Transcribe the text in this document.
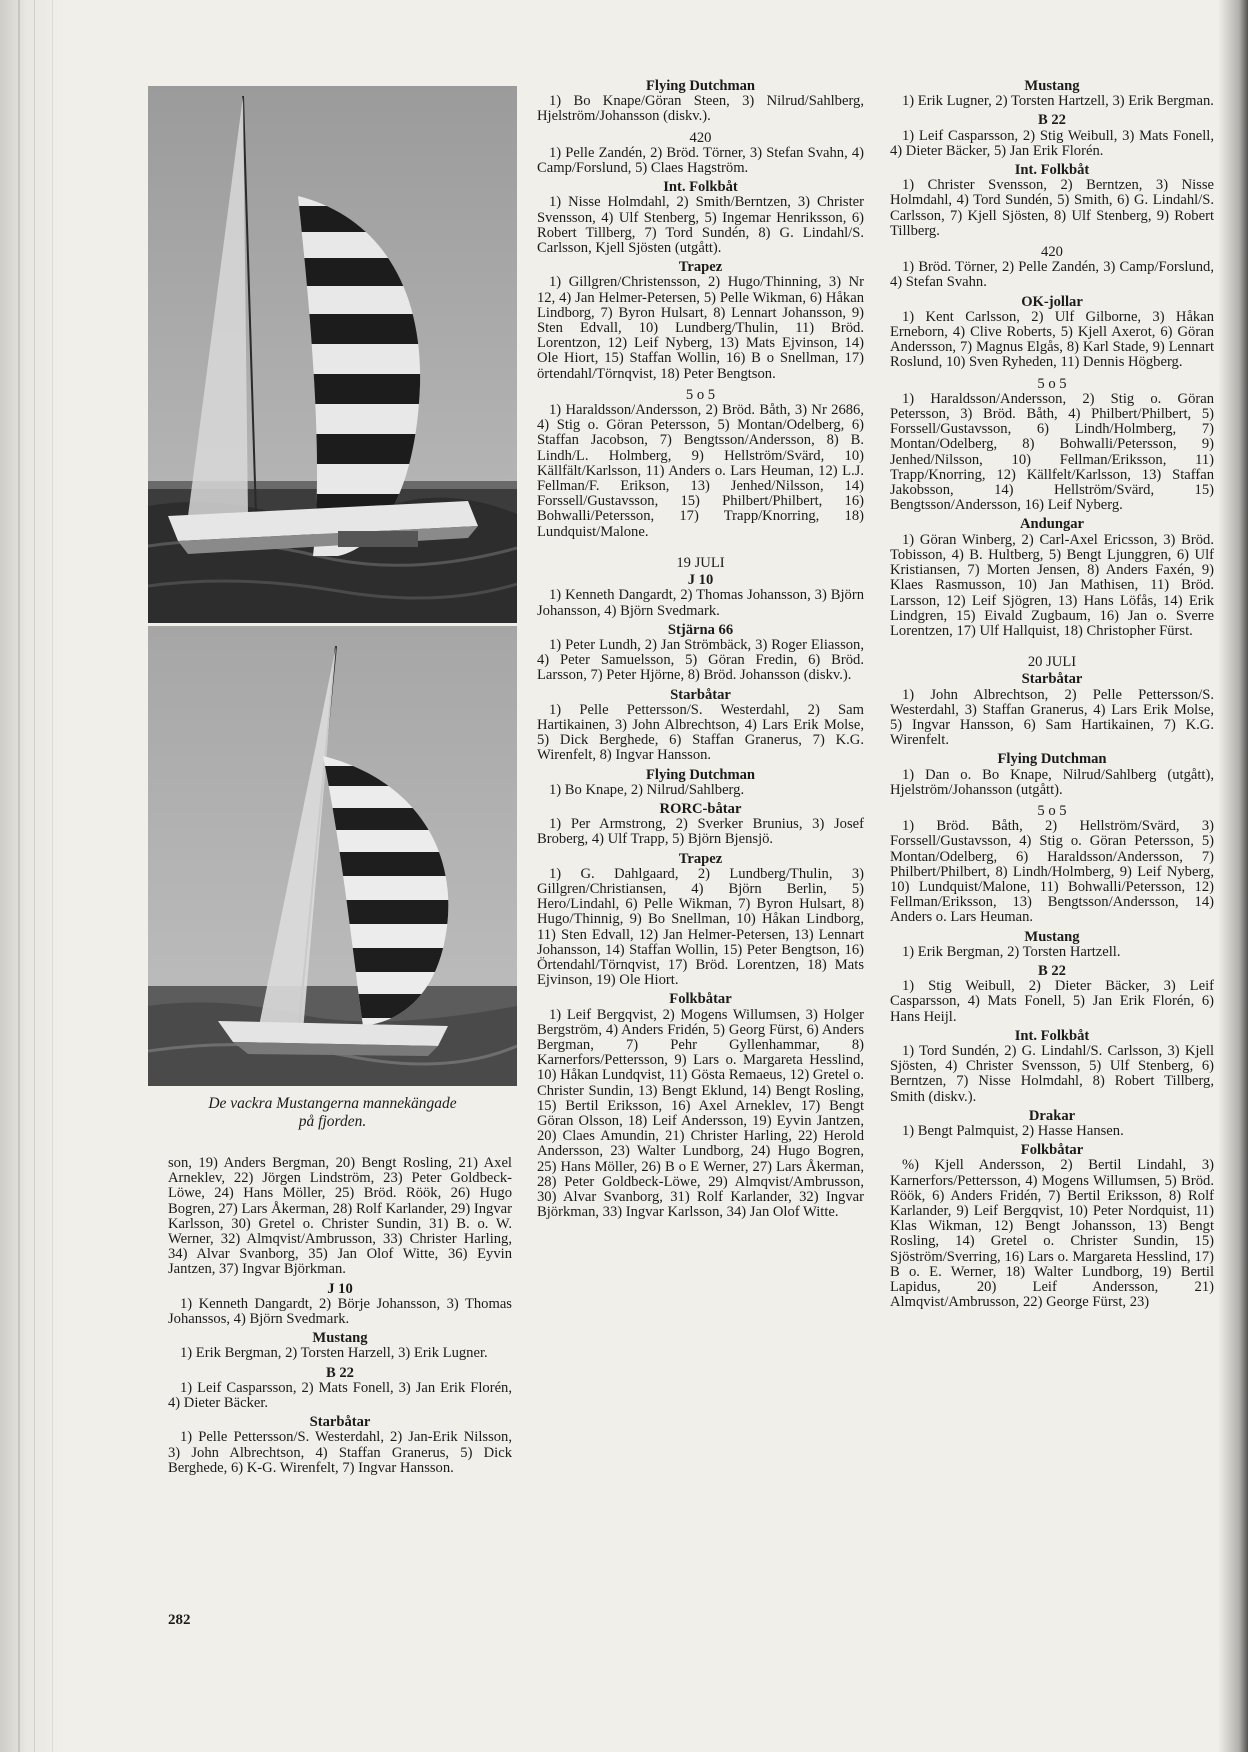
De vackra Mustangerna mannekängade
på fjorden.

son, 19) Anders Bergman, 20) Bengt Rosling, 21) Axel Arneklev, 22) Jörgen Lindström, 23) Peter Goldbeck-Löwe, 24) Hans Möller, 25) Bröd. Röök, 26) Hugo Bogren, 27) Lars Åkerman, 28) Rolf Karlander, 29) Ingvar Karlsson, 30) Gretel o. Christer Sundin, 31) B. o. W. Werner, 32) Almqvist/Ambrusson, 33) Christer Harling, 34) Alvar Svanborg, 35) Jan Olof Witte, 36) Eyvin Jantzen, 37) Ingvar Björkman.

J 10

1) Kenneth Dangardt, 2) Börje Johansson, 3) Thomas Johanssos, 4) Björn Svedmark.

Mustang

1) Erik Bergman, 2) Torsten Harzell, 3) Erik Lugner.

B 22

1) Leif Casparsson, 2) Mats Fonell, 3) Jan Erik Florén, 4) Dieter Bäcker.

Starbåtar

1) Pelle Pettersson/S. Westerdahl, 2) Jan-Erik Nilsson, 3) John Albrechtson, 4) Staffan Granerus, 5) Dick Berghede, 6) K-G. Wirenfelt, 7) Ingvar Hansson.

Flying Dutchman

1) Bo Knape/Göran Steen, 3) Nilrud/Sahlberg, Hjelström/Johansson (diskv.).

420

1) Pelle Zandén, 2) Bröd. Törner, 3) Stefan Svahn, 4) Camp/Forslund, 5) Claes Hagström.

Int. Folkbåt

1) Nisse Holmdahl, 2) Smith/Berntzen, 3) Christer Svensson, 4) Ulf Stenberg, 5) Ingemar Henriksson, 6) Robert Tillberg, 7) Tord Sundén, 8) G. Lindahl/S. Carlsson, Kjell Sjösten (utgått).

Trapez

1) Gillgren/Christensson, 2) Hugo/Thinning, 3) Nr 12, 4) Jan Helmer-Petersen, 5) Pelle Wikman, 6) Håkan Lindborg, 7) Byron Hulsart, 8) Lennart Johansson, 9) Sten Edvall, 10) Lundberg/Thulin, 11) Bröd. Lorentzon, 12) Leif Nyberg, 13) Mats Ejvinson, 14) Ole Hiort, 15) Staffan Wollin, 16) B o Snellman, 17) örtendahl/Törnqvist, 18) Peter Bengtson.

5 o 5

1) Haraldsson/Andersson, 2) Bröd. Båth, 3) Nr 2686, 4) Stig o. Göran Petersson, 5) Montan/Odelberg, 6) Staffan Jacobson, 7) Bengtsson/Andersson, 8) B. Lindh/L. Holmberg, 9) Hellström/Svärd, 10) Källfält/Karlsson, 11) Anders o. Lars Heuman, 12) L.J. Fellman/F. Erikson, 13) Jenhed/Nilsson, 14) Forssell/Gustavsson, 15) Philbert/Philbert, 16) Bohwalli/Petersson, 17) Trapp/Knorring, 18) Lundquist/Malone.

19 JULI
J 10

1) Kenneth Dangardt, 2) Thomas Johansson, 3) Björn Johansson, 4) Björn Svedmark.

Stjärna 66

1) Peter Lundh, 2) Jan Strömbäck, 3) Roger Eliasson, 4) Peter Samuelsson, 5) Göran Fredin, 6) Bröd. Larsson, 7) Peter Hjörne, 8) Bröd. Johansson (diskv.).

Starbåtar

1) Pelle Pettersson/S. Westerdahl, 2) Sam Hartikainen, 3) John Albrechtson, 4) Lars Erik Molse, 5) Dick Berghede, 6) Staffan Granerus, 7) K.G. Wirenfelt, 8) Ingvar Hansson.

Flying Dutchman

1) Bo Knape, 2) Nilrud/Sahlberg.

RORC-båtar

1) Per Armstrong, 2) Sverker Brunius, 3) Josef Broberg, 4) Ulf Trapp, 5) Björn Bjensjö.

Trapez

1) G. Dahlgaard, 2) Lundberg/Thulin, 3) Gillgren/Christiansen, 4) Björn Berlin, 5) Hero/Lindahl, 6) Pelle Wikman, 7) Byron Hulsart, 8) Hugo/Thinnig, 9) Bo Snellman, 10) Håkan Lindborg, 11) Sten Edvall, 12) Jan Helmer-Petersen, 13) Lennart Johansson, 14) Staffan Wollin, 15) Peter Bengtson, 16) Örtendahl/Törnqvist, 17) Bröd. Lorentzen, 18) Mats Ejvinson, 19) Ole Hiort.

Folkbåtar

1) Leif Bergqvist, 2) Mogens Willumsen, 3) Holger Bergström, 4) Anders Fridén, 5) Georg Fürst, 6) Anders Bergman, 7) Pehr Gyllenhammar, 8) Karnerfors/Pettersson, 9) Lars o. Margareta Hesslind, 10) Håkan Lundqvist, 11) Gösta Remaeus, 12) Gretel o. Christer Sundin, 13) Bengt Eklund, 14) Bengt Rosling, 15) Bertil Eriksson, 16) Axel Arneklev, 17) Bengt Göran Olsson, 18) Leif Andersson, 19) Eyvin Jantzen, 20) Claes Amundin, 21) Christer Harling, 22) Herold Andersson, 23) Walter Lundborg, 24) Hugo Bogren, 25) Hans Möller, 26) B o E Werner, 27) Lars Åkerman, 28) Peter Goldbeck-Löwe, 29) Almqvist/Ambrusson, 30) Alvar Svanborg, 31) Rolf Karlander, 32) Ingvar Björkman, 33) Ingvar Karlsson, 34) Jan Olof Witte.

Mustang

1) Erik Lugner, 2) Torsten Hartzell, 3) Erik Bergman.

B 22

1) Leif Casparsson, 2) Stig Weibull, 3) Mats Fonell, 4) Dieter Bäcker, 5) Jan Erik Florén.

Int. Folkbåt

1) Christer Svensson, 2) Berntzen, 3) Nisse Holmdahl, 4) Tord Sundén, 5) Smith, 6) G. Lindahl/S. Carlsson, 7) Kjell Sjösten, 8) Ulf Stenberg, 9) Robert Tillberg.

420

1) Bröd. Törner, 2) Pelle Zandén, 3) Camp/Forslund, 4) Stefan Svahn.

OK-jollar

1) Kent Carlsson, 2) Ulf Gilborne, 3) Håkan Erneborn, 4) Clive Roberts, 5) Kjell Axerot, 6) Göran Andersson, 7) Magnus Elgås, 8) Karl Stade, 9) Lennart Roslund, 10) Sven Ryheden, 11) Dennis Högberg.

5 o 5

1) Haraldsson/Andersson, 2) Stig o. Göran Petersson, 3) Bröd. Båth, 4) Philbert/Philbert, 5) Forssell/Gustavsson, 6) Lindh/Holmberg, 7) Montan/Odelberg, 8) Bohwalli/Petersson, 9) Jenhed/Nilsson, 10) Fellman/Eriksson, 11) Trapp/Knorring, 12) Källfelt/Karlsson, 13) Staffan Jakobsson, 14) Hellström/Svärd, 15) Bengtsson/Andersson, 16) Leif Nyberg.

Andungar

1) Göran Winberg, 2) Carl-Axel Ericsson, 3) Bröd. Tobisson, 4) B. Hultberg, 5) Bengt Ljunggren, 6) Ulf Kristiansen, 7) Morten Jensen, 8) Anders Faxén, 9) Klaes Rasmusson, 10) Jan Mathisen, 11) Bröd. Larsson, 12) Leif Sjögren, 13) Hans Löfås, 14) Erik Lindgren, 15) Eivald Zugbaum, 16) Jan o. Sverre Lorentzen, 17) Ulf Hallquist, 18) Christopher Fürst.

20 JULI
Starbåtar

1) John Albrechtson, 2) Pelle Pettersson/S. Westerdahl, 3) Staffan Granerus, 4) Lars Erik Molse, 5) Ingvar Hansson, 6) Sam Hartikainen, 7) K.G. Wirenfelt.

Flying Dutchman

1) Dan o. Bo Knape, Nilrud/Sahlberg (utgått), Hjelström/Johansson (utgått).

5 o 5

1) Bröd. Båth, 2) Hellström/Svärd, 3) Forssell/Gustavsson, 4) Stig o. Göran Petersson, 5) Montan/Odelberg, 6) Haraldsson/Andersson, 7) Philbert/Philbert, 8) Lindh/Holmberg, 9) Leif Nyberg, 10) Lundquist/Malone, 11) Bohwalli/Petersson, 12) Fellman/Eriksson, 13) Bengtsson/Andersson, 14) Anders o. Lars Heuman.

Mustang

1) Erik Bergman, 2) Torsten Hartzell.

B 22

1) Stig Weibull, 2) Dieter Bäcker, 3) Leif Casparsson, 4) Mats Fonell, 5) Jan Erik Florén, 6) Hans Heijl.

Int. Folkbåt

1) Tord Sundén, 2) G. Lindahl/S. Carlsson, 3) Kjell Sjösten, 4) Christer Svensson, 5) Ulf Stenberg, 6) Berntzen, 7) Nisse Holmdahl, 8) Robert Tillberg, Smith (diskv.).

Drakar

1) Bengt Palmquist, 2) Hasse Hansen.

Folkbåtar

%) Kjell Andersson, 2) Bertil Lindahl, 3) Karnerfors/Pettersson, 4) Mogens Willumsen, 5) Bröd. Röök, 6) Anders Fridén, 7) Bertil Eriksson, 8) Rolf Karlander, 9) Leif Bergqvist, 10) Peter Nordquist, 11) Klas Wikman, 12) Bengt Johansson, 13) Bengt Rosling, 14) Gretel o. Christer Sundin, 15) Sjöström/Sverring, 16) Lars o. Margareta Hesslind, 17) B o. E. Werner, 18) Walter Lundborg, 19) Bertil Lapidus, 20) Leif Andersson, 21) Almqvist/Ambrusson, 22) George Fürst, 23)

282
